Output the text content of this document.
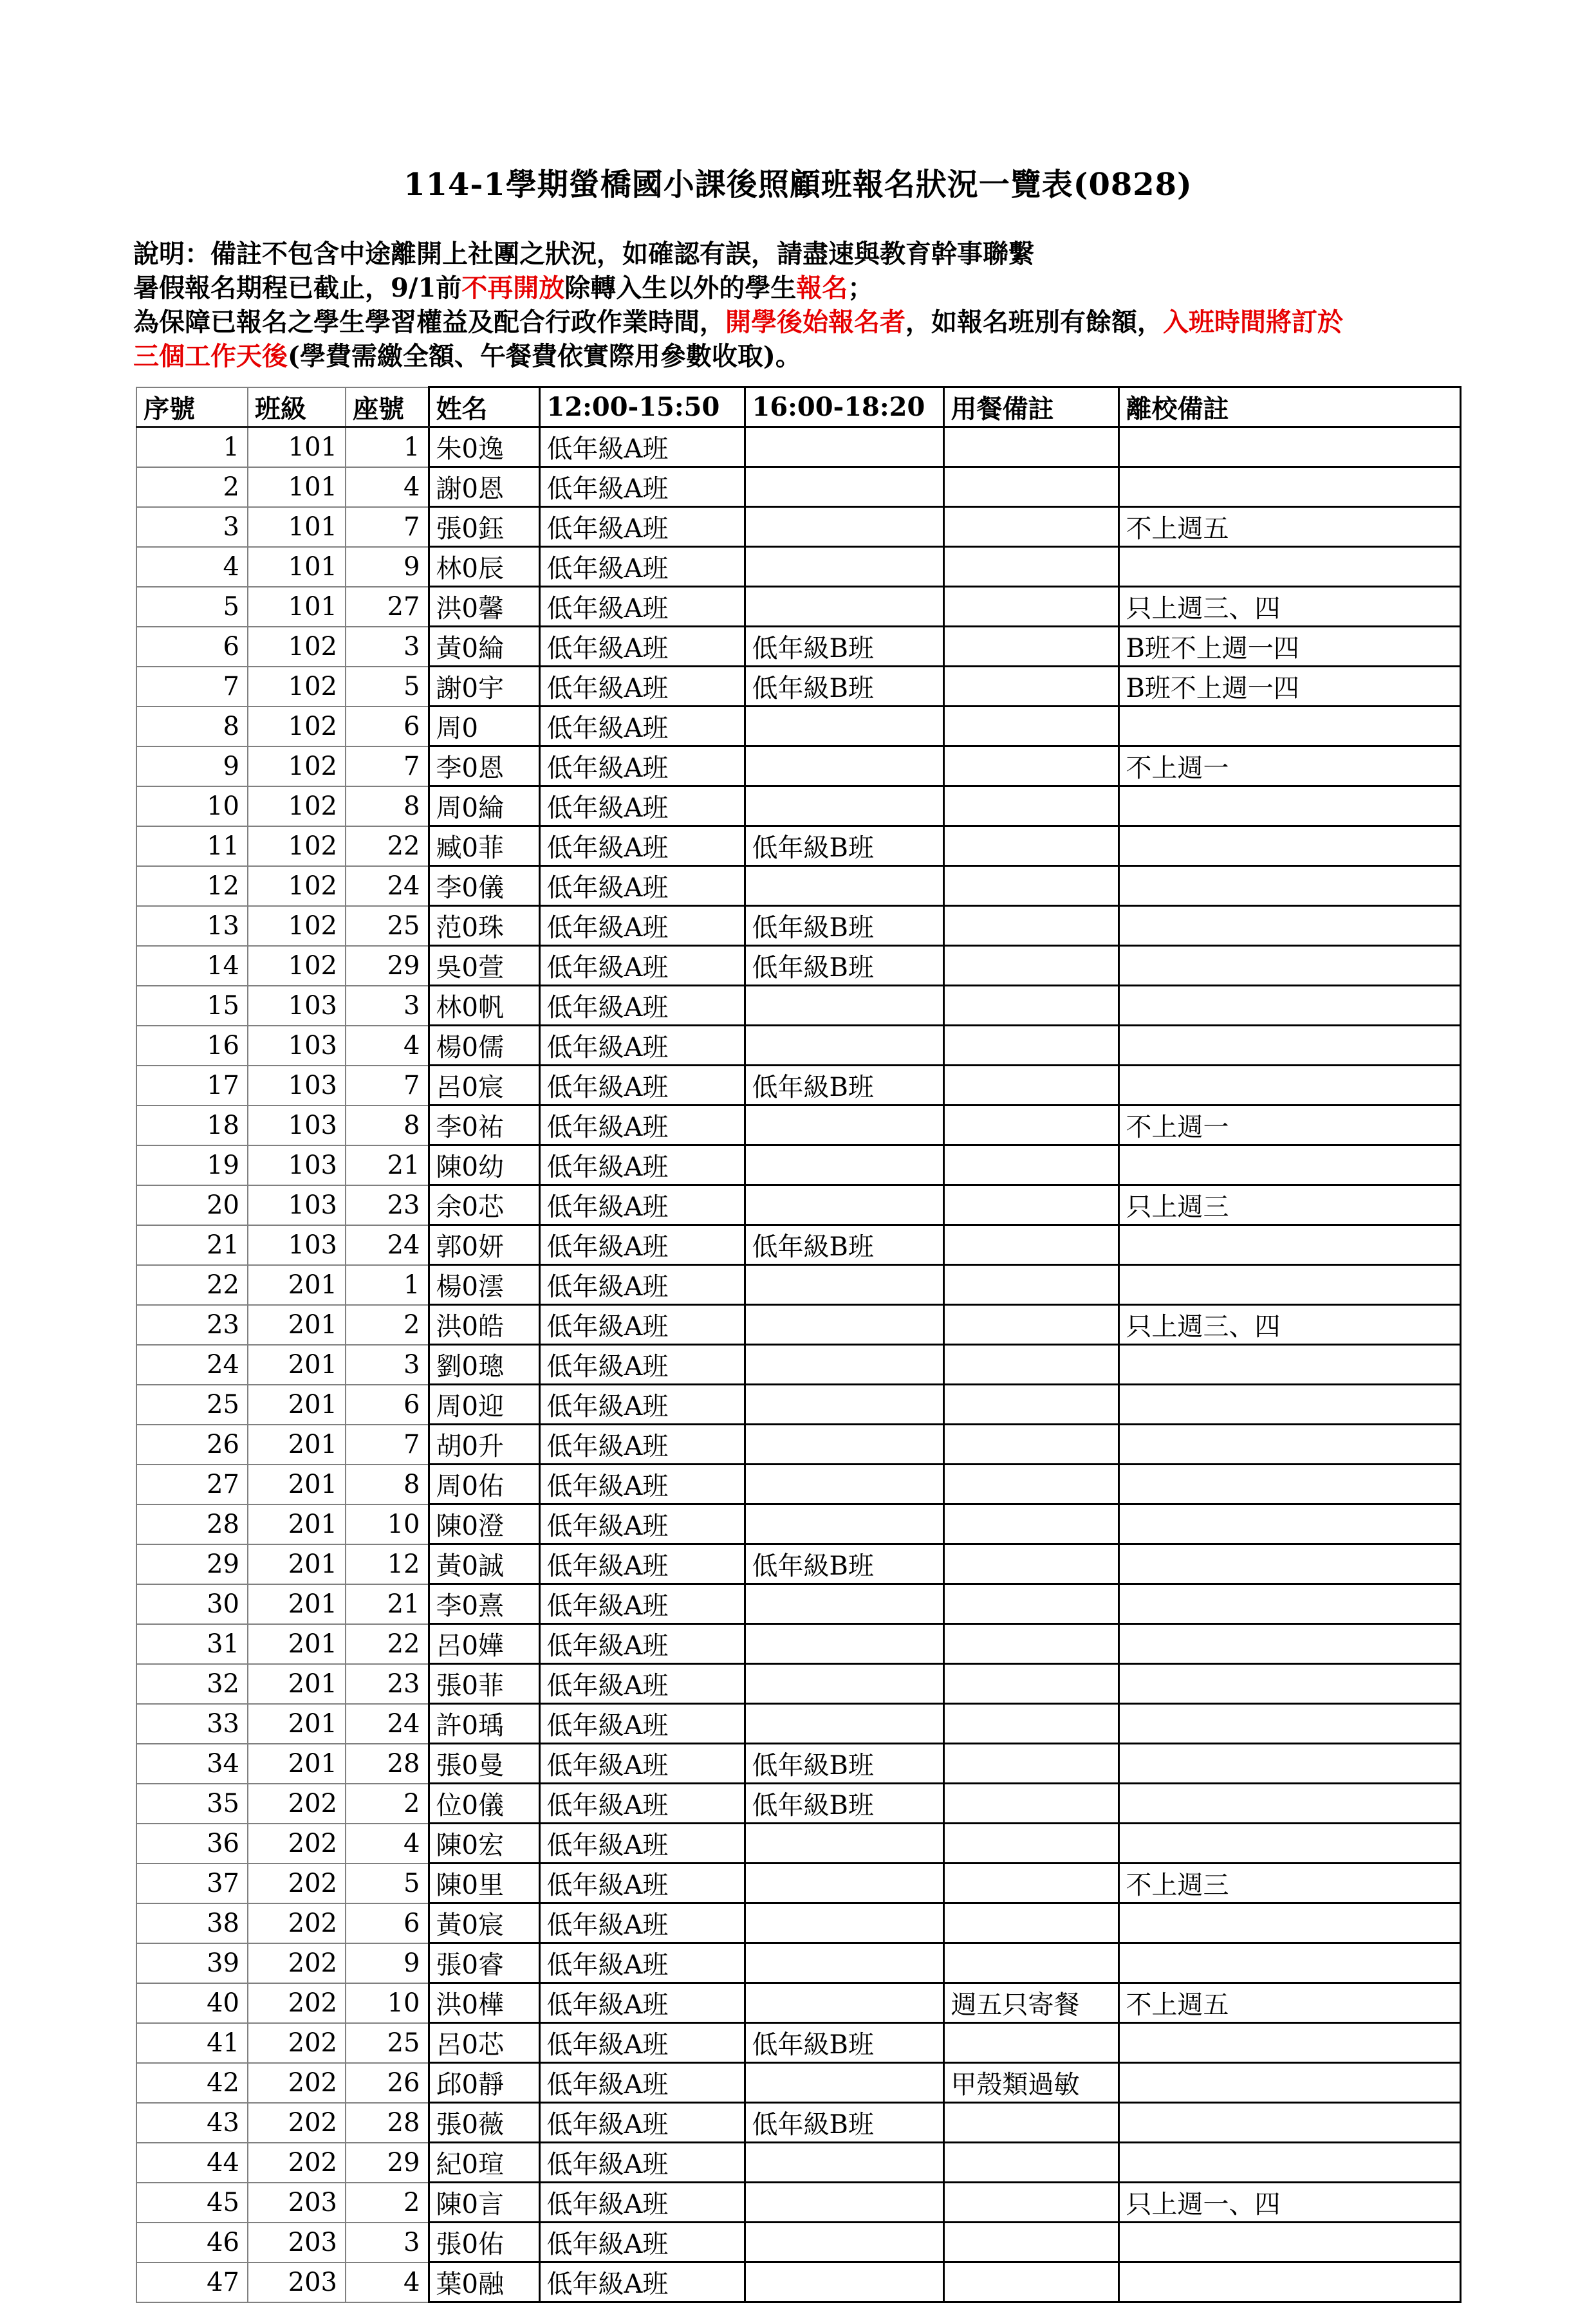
114-1學期螢橋國小課後照顧班報名狀況一覽表(0828)
說明：備註不包含中途離開上社團之狀況，如確認有誤，請盡速與教育幹事聯繫
暑假報名期程已截止，9/1前不再開放除轉入生以外的學生報名；
為保障已報名之學生學習權益及配合行政作業時間，開學後始報名者，如報名班別有餘額，入班時間將訂於
三個工作天後(學費需繳全額、午餐費依實際用參數收取)。
序號	班級	座號	姓名	12:00-15:50	16:00-18:20	用餐備註	離校備註
1	101	1	朱0逸	低年級A班			
2	101	4	謝0恩	低年級A班			
3	101	7	張0鈺	低年級A班			不上週五
4	101	9	林0辰	低年級A班			
5	101	27	洪0馨	低年級A班			只上週三、四
6	102	3	黃0綸	低年級A班	低年級B班		B班不上週一四
7	102	5	謝0宇	低年級A班	低年級B班		B班不上週一四
8	102	6	周0	低年級A班			
9	102	7	李0恩	低年級A班			不上週一
10	102	8	周0綸	低年級A班			
11	102	22	臧0菲	低年級A班	低年級B班		
12	102	24	李0儀	低年級A班			
13	102	25	范0珠	低年級A班	低年級B班		
14	102	29	吳0萱	低年級A班	低年級B班		
15	103	3	林0帆	低年級A班			
16	103	4	楊0儒	低年級A班			
17	103	7	呂0宸	低年級A班	低年級B班		
18	103	8	李0祐	低年級A班			不上週一
19	103	21	陳0幼	低年級A班			
20	103	23	余0芯	低年級A班			只上週三
21	103	24	郭0妍	低年級A班	低年級B班		
22	201	1	楊0澐	低年級A班			
23	201	2	洪0皓	低年級A班			只上週三、四
24	201	3	劉0璁	低年級A班			
25	201	6	周0迎	低年級A班			
26	201	7	胡0升	低年級A班			
27	201	8	周0佑	低年級A班			
28	201	10	陳0澄	低年級A班			
29	201	12	黃0誠	低年級A班	低年級B班		
30	201	21	李0熹	低年級A班			
31	201	22	呂0嬅	低年級A班			
32	201	23	張0菲	低年級A班			
33	201	24	許0瑀	低年級A班			
34	201	28	張0曼	低年級A班	低年級B班		
35	202	2	位0儀	低年級A班	低年級B班		
36	202	4	陳0宏	低年級A班			
37	202	5	陳0里	低年級A班			不上週三
38	202	6	黃0宸	低年級A班			
39	202	9	張0睿	低年級A班			
40	202	10	洪0樺	低年級A班		週五只寄餐	不上週五
41	202	25	呂0芯	低年級A班	低年級B班		
42	202	26	邱0靜	低年級A班		甲殼類過敏	
43	202	28	張0薇	低年級A班	低年級B班		
44	202	29	紀0瑄	低年級A班			
45	203	2	陳0言	低年級A班			只上週一、四
46	203	3	張0佑	低年級A班			
47	203	4	葉0融	低年級A班			
